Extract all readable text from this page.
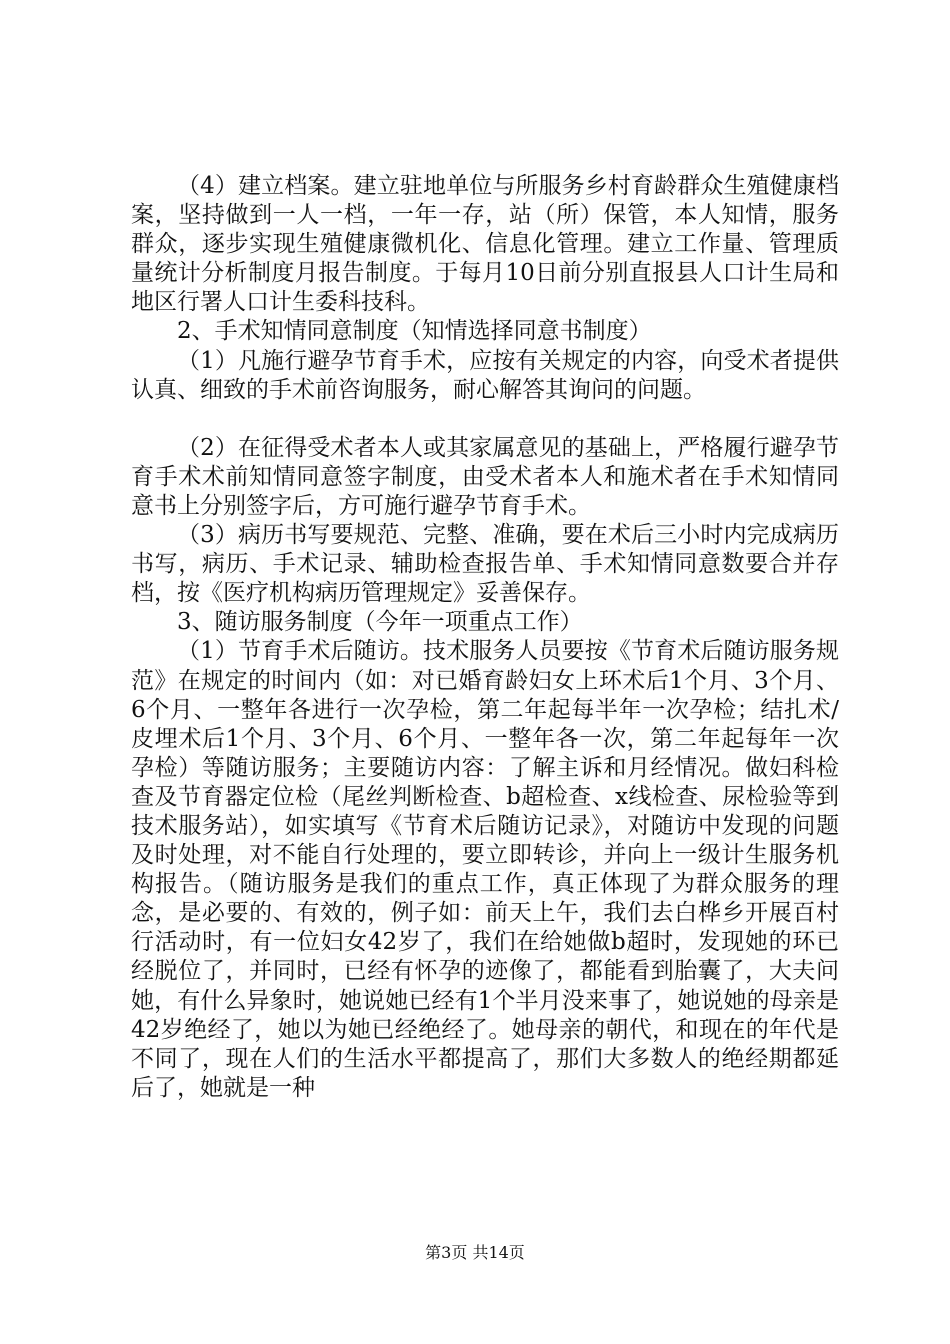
（4）建立档案。建立驻地单位与所服务乡村育龄群众生殖健康档案，坚持做到一人一档，一年一存，站（所）保管，本人知情，服务群众，逐步实现生殖健康微机化、信息化管理。建立工作量、管理质量统计分析制度月报告制度。于每月10日前分别直报县人口计生局和地区行署人口计生委科技科。

2、手术知情同意制度（知情选择同意书制度）

（1）凡施行避孕节育手术，应按有关规定的内容，向受术者提供认真、细致的手术前咨询服务，耐心解答其询问的问题。

（2）在征得受术者本人或其家属意见的基础上，严格履行避孕节育手术术前知情同意签字制度，由受术者本人和施术者在手术知情同意书上分别签字后，方可施行避孕节育手术。

（3）病历书写要规范、完整、准确，要在术后三小时内完成病历书写，病历、手术记录、辅助检查报告单、手术知情同意数要合并存档，按《医疗机构病历管理规定》妥善保存。

3、随访服务制度（今年一项重点工作）

（1）节育手术后随访。技术服务人员要按《节育术后随访服务规范》在规定的时间内（如：对已婚育龄妇女上环术后1个月、3个月、6个月、一整年各进行一次孕检，第二年起每半年一次孕检；结扎术/皮埋术后1个月、3个月、6个月、一整年各一次，第二年起每年一次孕检）等随访服务；主要随访内容：了解主诉和月经情况。做妇科检查及节育器定位检（尾丝判断检查、b超检查、x线检查、尿检验等到技术服务站），如实填写《节育术后随访记录》，对随访中发现的问题及时处理，对不能自行处理的，要立即转诊，并向上一级计生服务机构报告。（随访服务是我们的重点工作，真正体现了为群众服务的理念，是必要的、有效的，例子如：前天上午，我们去白桦乡开展百村行活动时，有一位妇女42岁了，我们在给她做b超时，发现她的环已经脱位了，并同时，已经有怀孕的迹像了，都能看到胎囊了，大夫问她，有什么异象时，她说她已经有1个半月没来事了，她说她的母亲是42岁绝经了，她以为她已经绝经了。她母亲的朝代，和现在的年代是不同了，现在人们的生活水平都提高了，那们大多数人的绝经期都延后了，她就是一种

第3页 共14页
